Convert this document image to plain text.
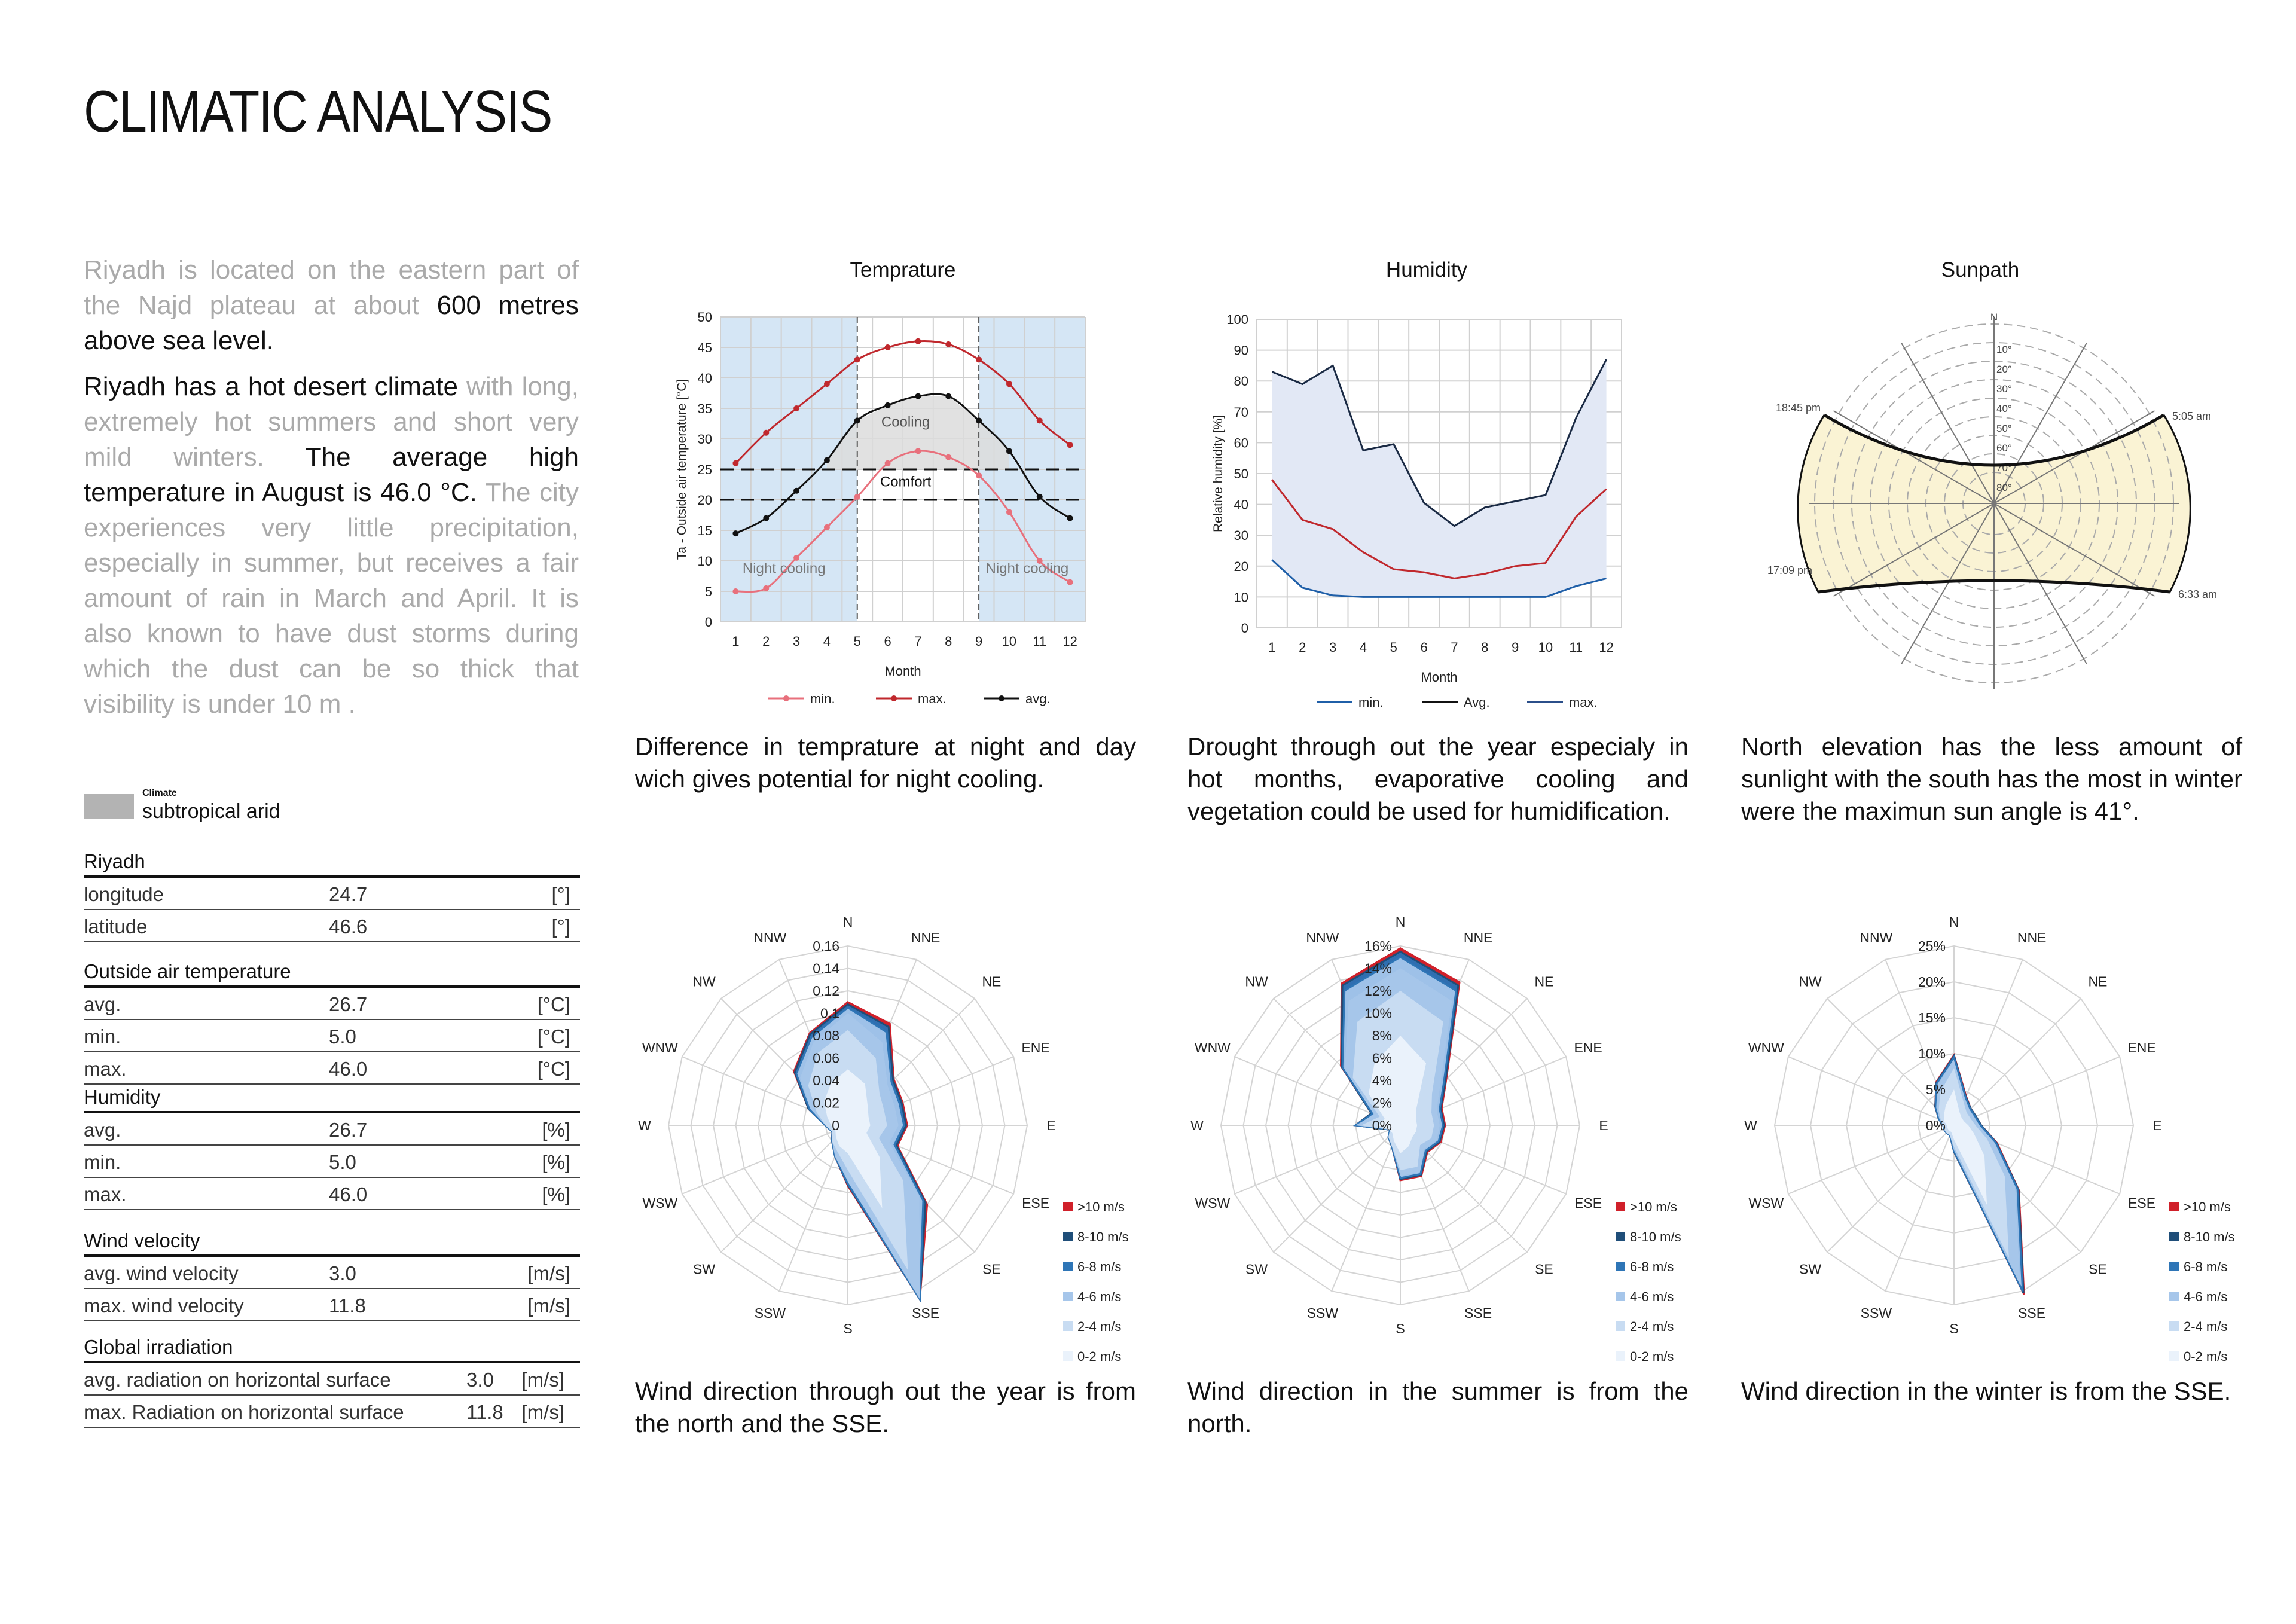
CLIMATIC ANALYSIS

Riyadh is located on the eastern part of the Najd plateau at about 600 metres above sea level.

Riyadh has a hot desert climate with long, extremely hot summers and short very mild winters. The average high temperature in August is 46.0 °C. The city experiences very little precipitation, especially in summer, but receives a fair amount of rain in March and April. It is also known to have dust storms during which the dust can be so thick that visibility is under 10 m .

Climate
subtropical arid
Riyadh
longitude	24.7	[°]
latitude	46.6	[°]
Outside air temperature
avg.	26.7	[°C]
min.	5.0	[°C]
max.	46.0	[°C]
Humidity
avg.	26.7	[%]
min.	5.0	[%]
max.	46.0	[%]
Wind velocity
avg. wind velocity	3.0	[m/s]
max. wind velocity	11.8	[m/s]
Global irradiation
avg. radiation on horizontal surface	3.0 [m/s]
max. Radiation on horizontal surface	11.8 [m/s]
Temprature	Humidity	Sunpath
0
5
10
15
20
25
30
35
40
45
50
1 2 3 4 5 6 7 8 9 10 11 12
Month
Ta - Outside air temperature [°C]	Cooling
Comfort
Night cooling	Night cooling
min.	max.	avg.
0
10
20
30
40
50
60
70
80
90
100
1 2 3 4 5 6 7 8 9 10 11 12
Month
Relative humidity [%]
min.	Avg.	max.
10°
20°
30°
40°
50°
60°
70°
80°
N
18:45 pm
5:05 am
17:09 pm
6:33 am
Difference in temprature at night and day wich gives potential for night cooling.
Drought through out the year especialy in hot months, evaporative cooling and vegetation could be used for humidification.
North elevation has the less amount of sunlight with the south has the most in winter were the maximun sun angle is 41°.
N
NNE
NE
ENE
E
ESE
SE
SSE
S
SSW
SW
WSW
W
WNW
NW
NNW
0
0.02
0.04
0.06
0.08
0.1
0.12
0.14
0.16
>10 m/s
8-10 m/s
6-8 m/s
4-6 m/s
2-4 m/s
0-2 m/s
N
NNE
NE
ENE
E
ESE
SE
SSE
S
SSW
SW
WSW
W
WNW
NW
NNW
0%
2%
4%
6%
8%
10%
12%
14%
16%
>10 m/s
8-10 m/s
6-8 m/s
4-6 m/s
2-4 m/s
0-2 m/s
N
NNE
NE
ENE
E
ESE
SE
SSE
S
SSW
SW
WSW
W
WNW
NW
NNW
0%
5%
10%
15%
20%
25%
>10 m/s
8-10 m/s
6-8 m/s
4-6 m/s
2-4 m/s
0-2 m/s
Wind direction through out the year is from the north and the SSE.
Wind direction in the summer is from the north.
Wind direction in the winter is from the SSE.
